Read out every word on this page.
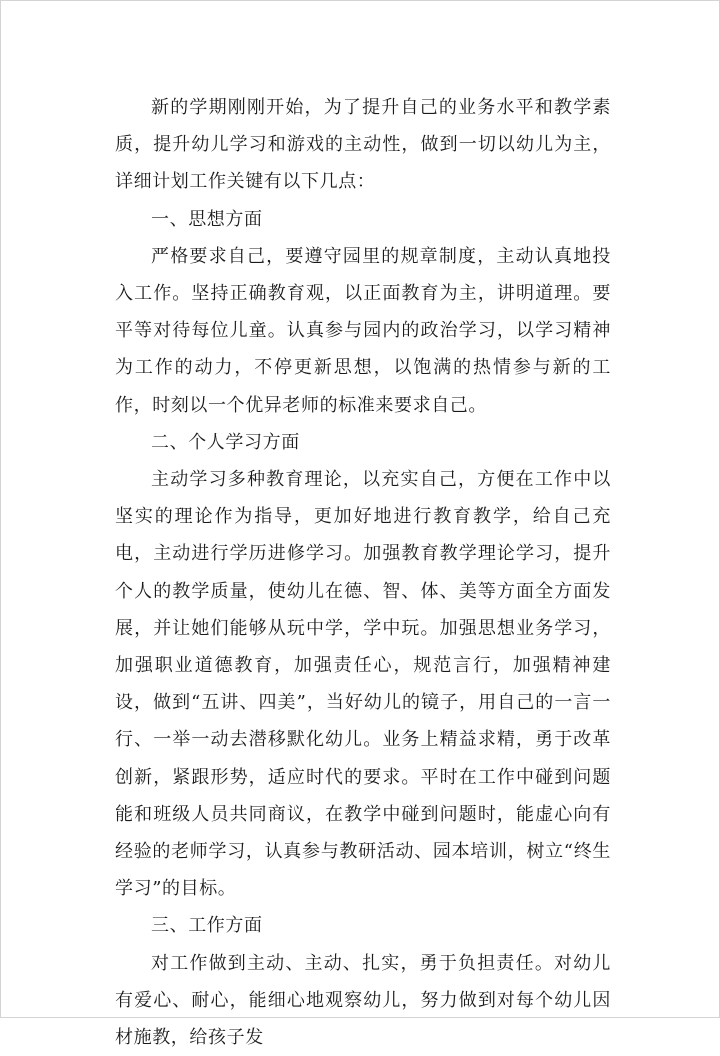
新的学期刚刚开始，为了提升自己的业务水平和教学素质，提升幼儿学习和游戏的主动性，做到一切以幼儿为主，详细计划工作关键有以下几点：

一、思想方面

严格要求自己，要遵守园里的规章制度，主动认真地投入工作。坚持正确教育观，以正面教育为主，讲明道理。要平等对待每位儿童。认真参与园内的政治学习，以学习精神为工作的动力，不停更新思想，以饱满的热情参与新的工作，时刻以一个优异老师的标准来要求自己。

二、个人学习方面

主动学习多种教育理论，以充实自己，方便在工作中以坚实的理论作为指导，更加好地进行教育教学，给自己充电，主动进行学历进修学习。加强教育教学理论学习，提升个人的教学质量，使幼儿在德、智、体、美等方面全方面发展，并让她们能够从玩中学，学中玩。加强思想业务学习，加强职业道德教育，加强责任心，规范言行，加强精神建设，做到“五讲、四美”，当好幼儿的镜子，用自己的一言一行、一举一动去潜移默化幼儿。业务上精益求精，勇于改革创新，紧跟形势，适应时代的要求。平时在工作中碰到问题能和班级人员共同商议，在教学中碰到问题时，能虚心向有经验的老师学习，认真参与教研活动、园本培训，树立“终生学习”的目标。

三、工作方面

对工作做到主动、主动、扎实，勇于负担责任。对幼儿有爱心、耐心，能细心地观察幼儿，努力做到对每个幼儿因材施教，给孩子发
